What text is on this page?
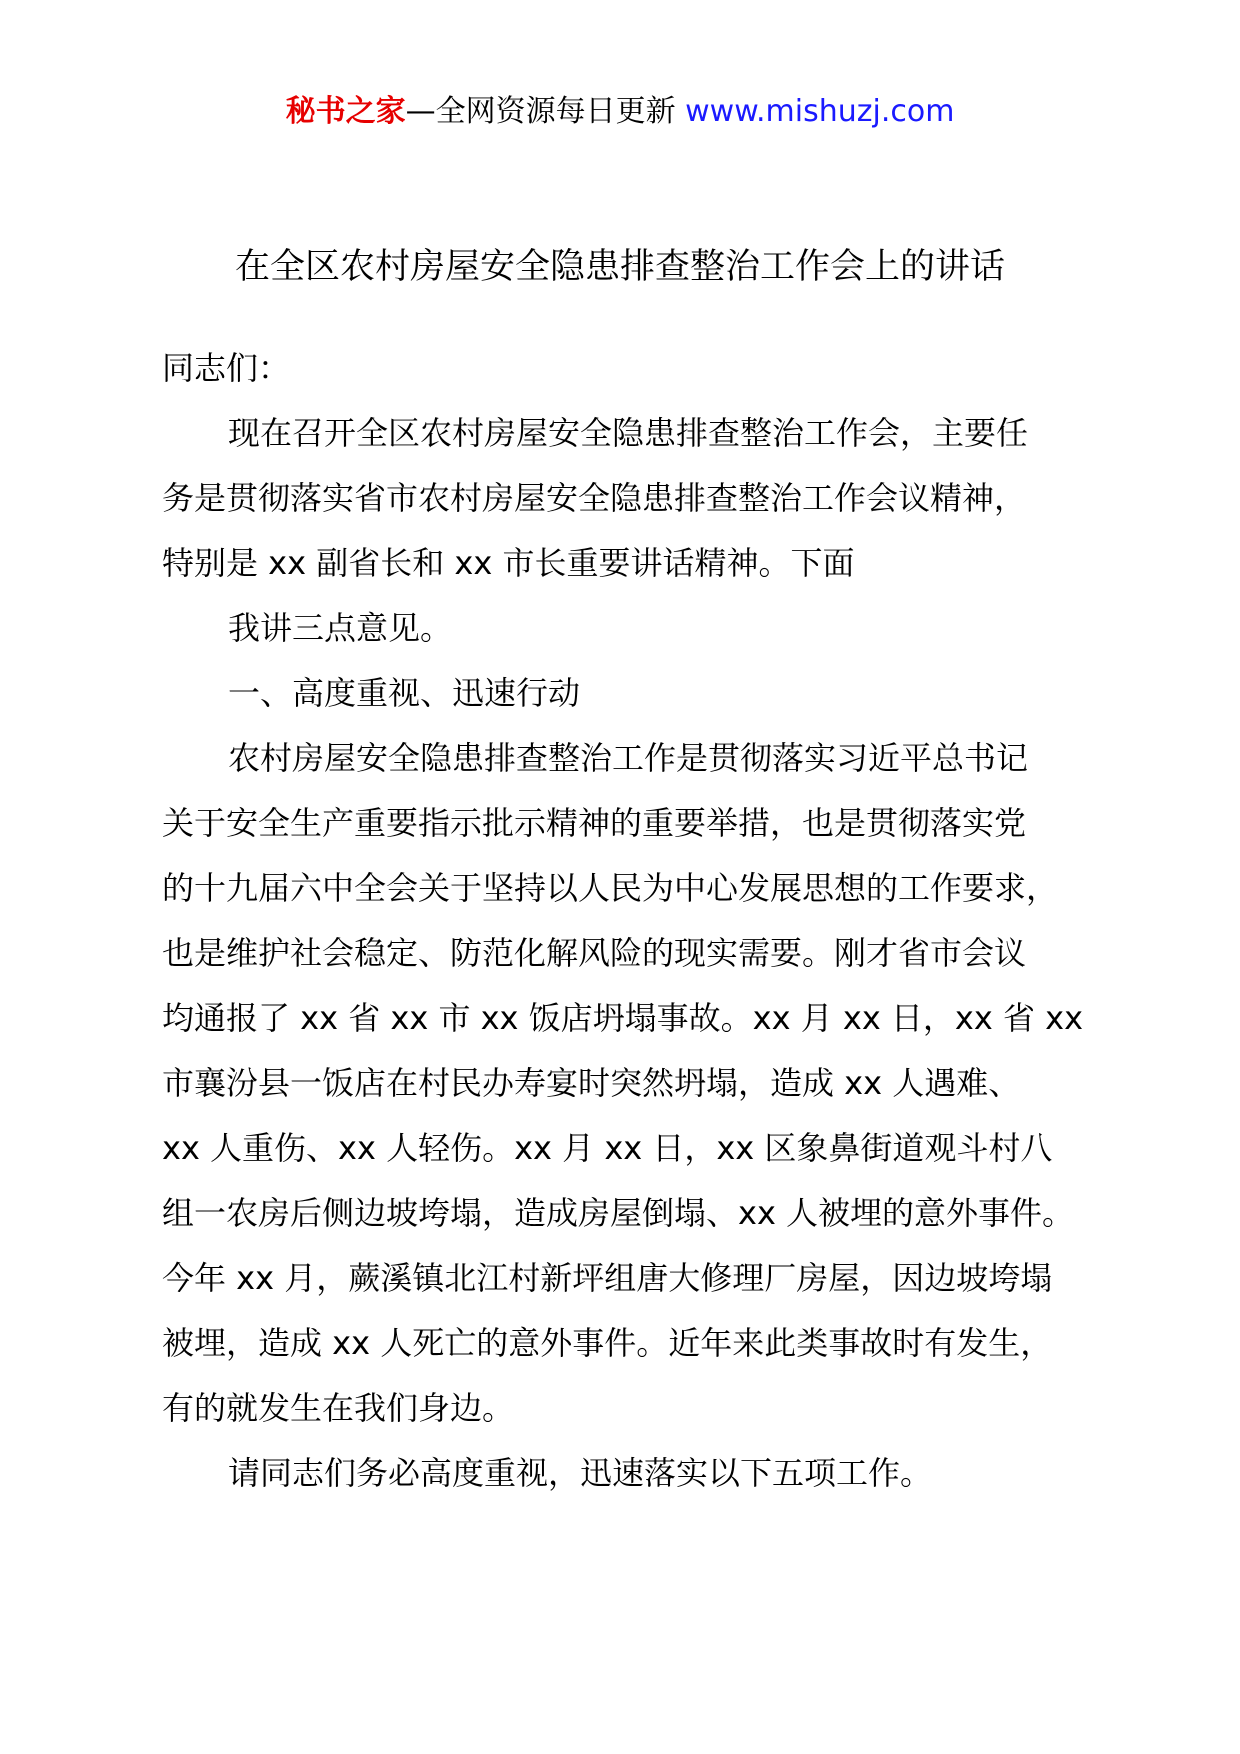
秘书之家—全网资源每日更新 www.mishuzj.com
在全区农村房屋安全隐患排查整治工作会上的讲话
同志们：
现在召开全区农村房屋安全隐患排查整治工作会，主要任
务是贯彻落实省市农村房屋安全隐患排查整治工作会议精神，
特别是 xx 副省长和 xx 市长重要讲话精神。下面
我讲三点意见。
一、高度重视、迅速行动
农村房屋安全隐患排查整治工作是贯彻落实习近平总书记
关于安全生产重要指示批示精神的重要举措，也是贯彻落实党
的十九届六中全会关于坚持以人民为中心发展思想的工作要求，
也是维护社会稳定、防范化解风险的现实需要。刚才省市会议
均通报了 xx 省 xx 市 xx 饭店坍塌事故。xx 月 xx 日，xx 省 xx
市襄汾县一饭店在村民办寿宴时突然坍塌，造成 xx 人遇难、
xx 人重伤、xx 人轻伤。xx 月 xx 日，xx 区象鼻街道观斗村八
组一农房后侧边坡垮塌，造成房屋倒塌、xx 人被埋的意外事件。
今年 xx 月，蕨溪镇北江村新坪组唐大修理厂房屋，因边坡垮塌
被埋，造成 xx 人死亡的意外事件。近年来此类事故时有发生，
有的就发生在我们身边。
请同志们务必高度重视，迅速落实以下五项工作。
